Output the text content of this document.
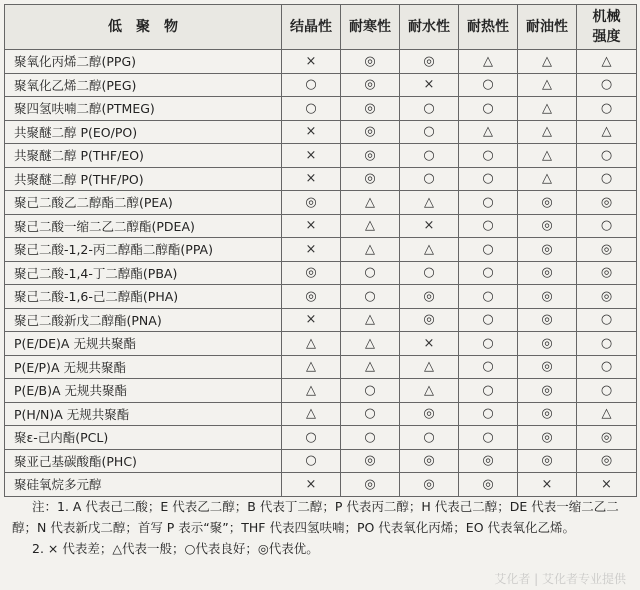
低聚物	结晶性	耐寒性	耐水性	耐热性	耐油性	机械强度
聚氧化丙烯二醇(PPG)	×	◎	◎	△	△	△
聚氧化乙烯二醇(PEG)	○	◎	×	○	△	○
聚四氢呋喃二醇(PTMEG)	○	◎	○	○	△	○
共聚醚二醇 P(EO/PO)	×	◎	○	△	△	△
共聚醚二醇 P(THF/EO)	×	◎	○	○	△	○
共聚醚二醇 P(THF/PO)	×	◎	○	○	△	○
聚己二酸乙二醇酯二醇(PEA)	◎	△	△	○	◎	◎
聚己二酸一缩二乙二醇酯(PDEA)	×	△	×	○	◎	○
聚己二酸-1,2-丙二醇酯二醇酯(PPA)	×	△	△	○	◎	◎
聚己二酸-1,4-丁二醇酯(PBA)	◎	○	○	○	◎	◎
聚己二酸-1,6-己二醇酯(PHA)	◎	○	◎	○	◎	◎
聚己二酸新戊二醇酯(PNA)	×	△	◎	○	◎	○
P(E/DE)A 无规共聚酯	△	△	×	○	◎	○
P(E/P)A 无规共聚酯	△	△	△	○	◎	○
P(E/B)A 无规共聚酯	△	○	△	○	◎	○
P(H/N)A 无规共聚酯	△	○	◎	○	◎	△
聚ε-己内酯(PCL)	○	○	○	○	◎	◎
聚亚己基碳酸酯(PHC)	○	◎	◎	◎	◎	◎
聚硅氧烷多元醇	×	◎	◎	◎	×	×

注：1. A 代表己二酸；E 代表乙二醇；B 代表丁二醇；P 代表丙二醇；H 代表己二醇；DE 代表一缩二乙二醇；N 代表新戊二醇；首写 P 表示“聚”；THF 代表四氢呋喃；PO 代表氧化丙烯；EO 代表氧化乙烯。

2. × 代表差；△代表一般；○代表良好；◎代表优。

艾化者 | 艾化者专业提供
